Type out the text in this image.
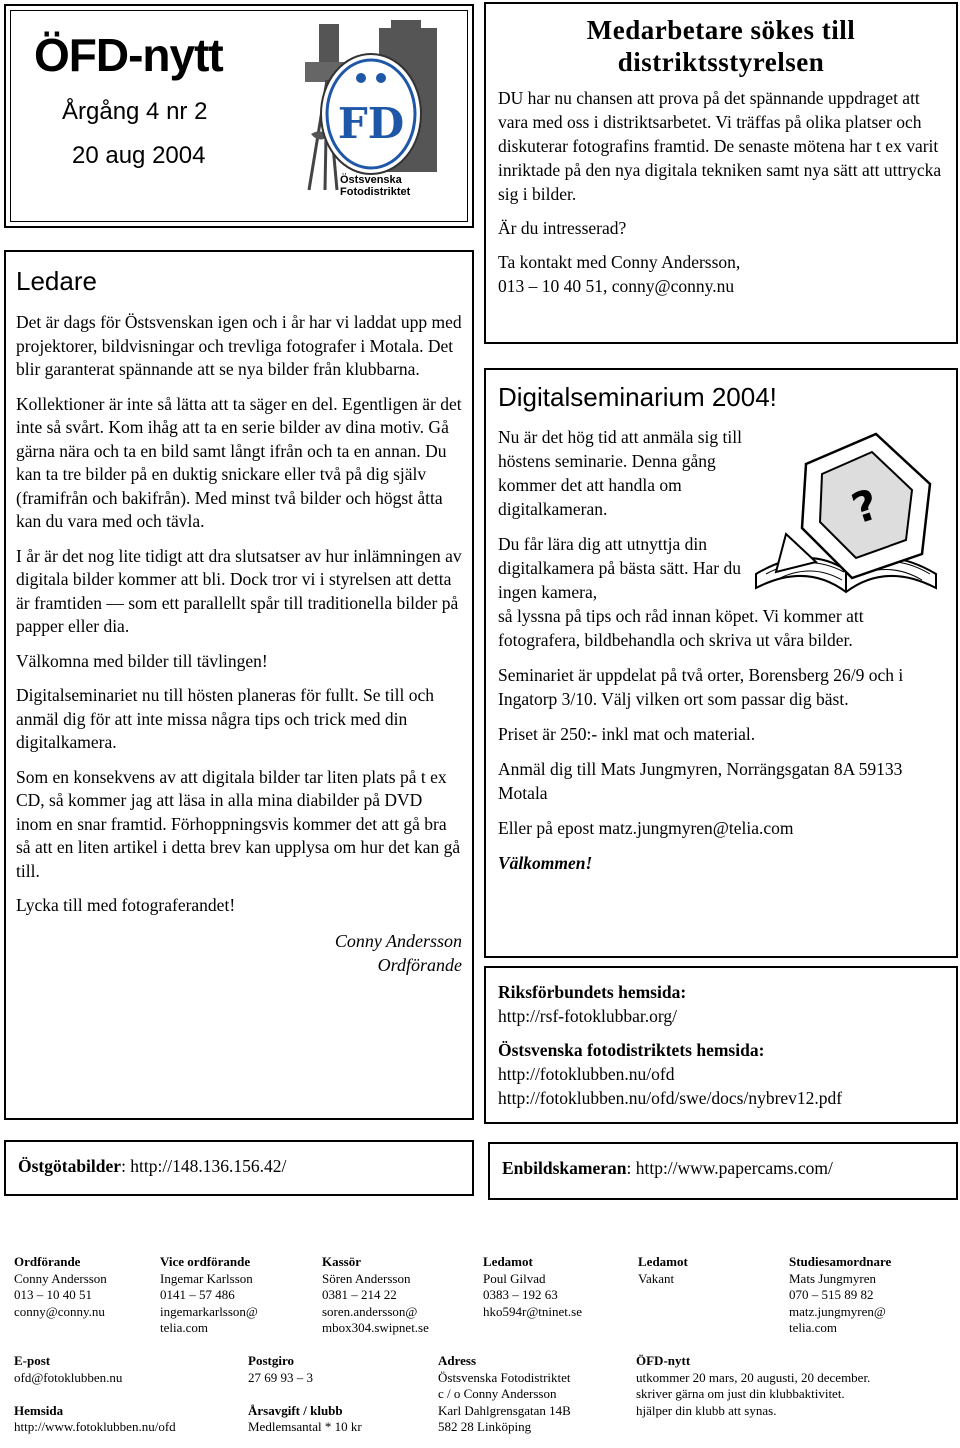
ÖFD-nytt
Årgång 4 nr 2
20 aug 2004
FD
Östsvenska
Fotodistriktet
Ledare

Det är dags för Östsvenskan igen och i år har vi laddat upp med projektorer, bildvisningar och trevliga fotografer i Motala. Det blir garanterat spännande att se nya bilder från klubbarna.

Kollektioner är inte så lätta att ta säger en del. Egentligen är det inte så svårt. Kom ihåg att ta en serie bilder av dina motiv. Gå gärna nära och ta en bild samt långt ifrån och ta en annan. Du kan ta tre bilder på en duktig snickare eller två på dig själv (framifrån och bakifrån). Med minst två bilder och högst åtta kan du vara med och tävla.

I år är det nog lite tidigt att dra slutsatser av hur inlämningen av digitala bilder kommer att bli. Dock tror vi i styrelsen att detta är framtiden — som ett parallellt spår till traditionella bilder på papper eller dia.

Välkomna med bilder till tävlingen!

Digitalseminariet nu till hösten planeras för fullt. Se till och anmäl dig för att inte missa några tips och trick med din digitalkamera.

Som en konsekvens av att digitala bilder tar liten plats på t ex CD, så kommer jag att läsa in alla mina diabilder på DVD inom en snar framtid. Förhoppningsvis kommer det att gå bra så att en liten artikel i detta brev kan upplysa om hur det kan gå till.

Lycka till med fotograferandet!

Conny Andersson
Ordförande
Medarbetare sökes till distriktsstyrelsen

DU har nu chansen att prova på det spännande uppdraget att vara med oss i distriktsarbetet. Vi träffas på olika platser och diskuterar fotografins framtid. De senaste mötena har t ex varit inriktade på den nya digitala tekniken samt nya sätt att uttrycka sig i bilder.

Är du intresserad?

Ta kontakt med Conny Andersson,
013 – 10 40 51, conny@conny.nu

Digitalseminarium 2004!
?

Nu är det hög tid att anmäla sig till höstens seminarie. Denna gång kommer det att handla om digitalkameran.

Du får lära dig att utnyttja din digitalkamera på bästa sätt. Har du ingen kamera,
så lyssna på tips och råd innan köpet. Vi kommer att fotografera, bildbehandla och skriva ut våra bilder.

Seminariet är uppdelat på två orter, Borensberg 26/9 och i Ingatorp 3/10. Välj vilken ort som passar dig bäst.

Priset är 250:- inkl mat och material.

Anmäl dig till Mats Jungmyren, Norrängsgatan 8A 59133 Motala

Eller på epost matz.jungmyren@telia.com

Välkommen!

Riksförbundets hemsida:
http://rsf-fotoklubbar.org/
Östsvenska fotodistriktets hemsida:
http://fotoklubben.nu/ofd
http://fotoklubben.nu/ofd/swe/docs/nybrev12.pdf
Östgötabilder: http://148.136.156.42/	Enbildskameran: http://www.papercams.com/
Ordförande
Conny Andersson
013 – 10 40 51
conny@conny.nu
Vice ordförande
Ingemar Karlsson
0141 – 57 486
ingemarkarlsson@
telia.com
Kassör
Sören Andersson
0381 – 214 22
soren.andersson@
mbox304.swipnet.se
Ledamot
Poul Gilvad
0383 – 192 63
hko594r@tninet.se
Ledamot
Vakant
Studiesamordnare
Mats Jungmyren
070 – 515 89 82
matz.jungmyren@
telia.com
E-post
ofd@fotoklubben.nu
Hemsida
http://www.fotoklubben.nu/ofd
Postgiro
27 69 93 – 3
Årsavgift / klubb
Medlemsantal * 10 kr
Adress
Östsvenska Fotodistriktet
c / o Conny Andersson
Karl Dahlgrensgatan 14B
582 28 Linköping
ÖFD-nytt
utkommer 20 mars, 20 augusti, 20 december.
skriver gärna om just din klubbaktivitet.
hjälper din klubb att synas.
